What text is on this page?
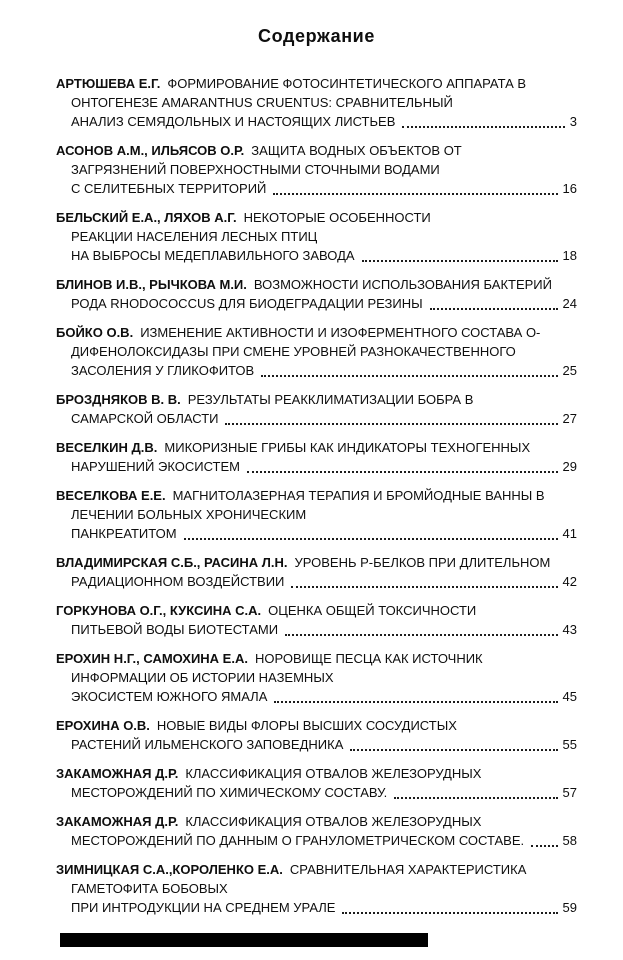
Содержание
АРТЮШЕВА Е.Г. ФОРМИРОВАНИЕ ФОТОСИНТЕТИЧЕСКОГО АППАРАТА В
ОНТОГЕНЕЗЕ AMARANTHUS CRUENTUS: СРАВНИТЕЛЬНЫЙ
АНАЛИЗ СЕМЯДОЛЬНЫХ И НАСТОЯЩИХ ЛИСТЬЕВ	3
АСОНОВ А.М., ИЛЬЯСОВ О.Р. ЗАЩИТА ВОДНЫХ ОБЪЕКТОВ ОТ
ЗАГРЯЗНЕНИЙ ПОВЕРХНОСТНЫМИ СТОЧНЫМИ ВОДАМИ
С СЕЛИТЕБНЫХ ТЕРРИТОРИЙ	16
БЕЛЬСКИЙ Е.А., ЛЯХОВ А.Г. НЕКОТОРЫЕ ОСОБЕННОСТИ
РЕАКЦИИ НАСЕЛЕНИЯ ЛЕСНЫХ ПТИЦ
НА ВЫБРОСЫ МЕДЕПЛАВИЛЬНОГО ЗАВОДА	18
БЛИНОВ И.В., РЫЧКОВА М.И. ВОЗМОЖНОСТИ ИСПОЛЬЗОВАНИЯ БАКТЕРИЙ
РОДА RHODOCOCCUS ДЛЯ БИОДЕГРАДАЦИИ РЕЗИНЫ	24
БОЙКО О.В. ИЗМЕНЕНИЕ АКТИВНОСТИ И ИЗОФЕРМЕНТНОГО СОСТАВА О-
ДИФЕНОЛОКСИДАЗЫ ПРИ СМЕНЕ УРОВНЕЙ РАЗНОКАЧЕСТВЕННОГО
ЗАСОЛЕНИЯ У ГЛИКОФИТОВ	25
БРОЗДНЯКОВ В. В. РЕЗУЛЬТАТЫ РЕАККЛИМАТИЗАЦИИ БОБРА В
САМАРСКОЙ ОБЛАСТИ	27
ВЕСЕЛКИН Д.В. МИКОРИЗНЫЕ ГРИБЫ КАК ИНДИКАТОРЫ ТЕХНОГЕННЫХ
НАРУШЕНИЙ ЭКОСИСТЕМ	29
ВЕСЕЛКОВА Е.Е. МАГНИТОЛАЗЕРНАЯ ТЕРАПИЯ И БРОМЙОДНЫЕ ВАННЫ В
ЛЕЧЕНИИ БОЛЬНЫХ ХРОНИЧЕСКИМ
ПАНКРЕАТИТОМ	41
ВЛАДИМИРСКАЯ С.Б., РАСИНА Л.Н. УРОВЕНЬ Р-БЕЛКОВ ПРИ ДЛИТЕЛЬНОМ
РАДИАЦИОННОМ ВОЗДЕЙСТВИИ	42
ГОРКУНОВА О.Г., КУКСИНА С.А. ОЦЕНКА ОБЩЕЙ ТОКСИЧНОСТИ
ПИТЬЕВОЙ ВОДЫ БИОТЕСТАМИ	43
ЕРОХИН Н.Г., САМОХИНА Е.А. НОРОВИЩЕ ПЕСЦА КАК ИСТОЧНИК
ИНФОРМАЦИИ ОБ ИСТОРИИ НАЗЕМНЫХ
ЭКОСИСТЕМ ЮЖНОГО ЯМАЛА	45
ЕРОХИНА О.В. НОВЫЕ ВИДЫ ФЛОРЫ ВЫСШИХ СОСУДИСТЫХ
РАСТЕНИЙ ИЛЬМЕНСКОГО ЗАПОВЕДНИКА	55
ЗАКАМОЖНАЯ Д.Р. КЛАССИФИКАЦИЯ ОТВАЛОВ ЖЕЛЕЗОРУДНЫХ
МЕСТОРОЖДЕНИЙ ПО ХИМИЧЕСКОМУ СОСТАВУ.	57
ЗАКАМОЖНАЯ Д.Р. КЛАССИФИКАЦИЯ ОТВАЛОВ ЖЕЛЕЗОРУДНЫХ
МЕСТОРОЖДЕНИЙ ПО ДАННЫМ О ГРАНУЛОМЕТРИЧЕСКОМ СОСТАВЕ.	58
ЗИМНИЦКАЯ С.А.,КОРОЛЕНКО Е.А. СРАВНИТЕЛЬНАЯ ХАРАКТЕРИСТИКА
ГАМЕТОФИТА БОБОВЫХ
ПРИ ИНТРОДУКЦИИ НА СРЕДНЕМ УРАЛЕ	59
